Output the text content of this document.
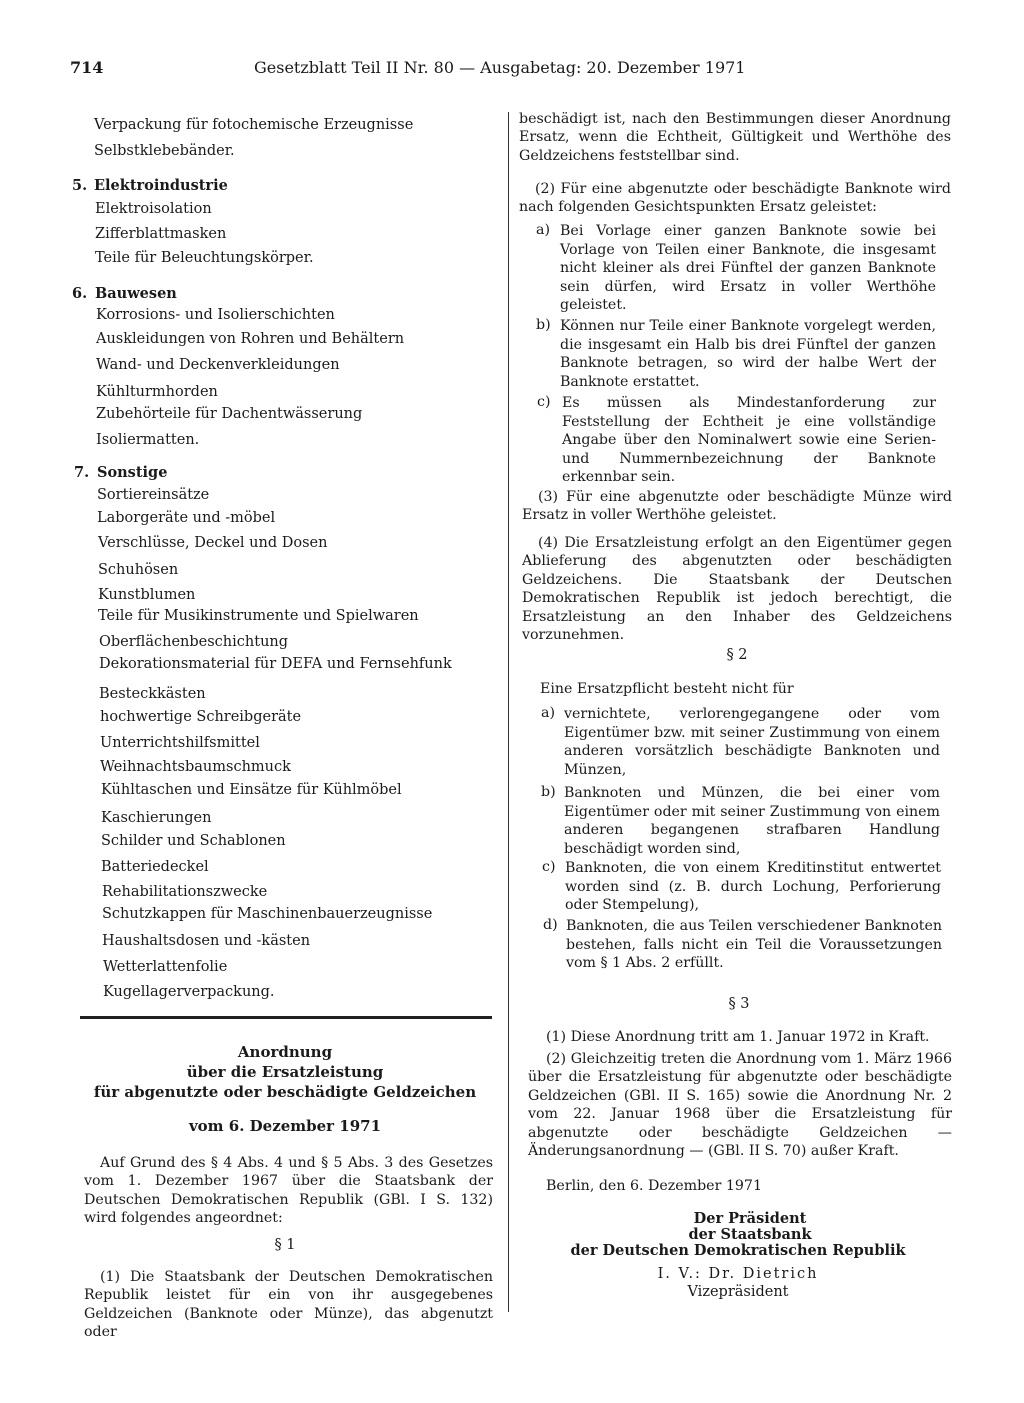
714	Gesetzblatt Teil II Nr. 80 — Ausgabetag: 20. Dezember 1971
Verpackung für fotochemische Erzeugnisse
Selbstklebebänder.
5. Elektroindustrie
Elektroisolation
Zifferblattmasken
Teile für Beleuchtungskörper.
6. Bauwesen
Korrosions- und Isolierschichten
Auskleidungen von Rohren und Behältern
Wand- und Deckenverkleidungen
Kühlturmhorden
Zubehörteile für Dachentwässerung
Isoliermatten.
7. Sonstige
Sortiereinsätze
Laborgeräte und -möbel
Verschlüsse, Deckel und Dosen
Schuhösen
Kunstblumen
Teile für Musikinstrumente und Spielwaren
Oberflächenbeschichtung
Dekorationsmaterial für DEFA und Fernsehfunk
Besteckkästen
hochwertige Schreibgeräte
Unterrichtshilfsmittel
Weihnachtsbaumschmuck
Kühltaschen und Einsätze für Kühlmöbel
Kaschierungen
Schilder und Schablonen
Batteriedeckel
Rehabilitationszwecke
Schutzkappen für Maschinenbauerzeugnisse
Haushaltsdosen und -kästen
Wetterlattenfolie
Kugellagerverpackung.
Anordnung
über die Ersatzleistung
für abgenutzte oder beschädigte Geldzeichen
vom 6. Dezember 1971
Auf Grund des § 4 Abs. 4 und § 5 Abs. 3 des Gesetzes vom 1. Dezember 1967 über die Staatsbank der Deutschen Demokratischen Republik (GBl. I S. 132) wird folgendes angeordnet:
§ 1
(1) Die Staatsbank der Deutschen Demokratischen Republik leistet für ein von ihr ausgegebenes Geldzeichen (Banknote oder Münze), das abgenutzt oder
beschädigt ist, nach den Bestimmungen dieser Anordnung Ersatz, wenn die Echtheit, Gültigkeit und Werthöhe des Geldzeichens feststellbar sind.
(2) Für eine abgenutzte oder beschädigte Banknote wird nach folgenden Gesichtspunkten Ersatz geleistet:
a) Bei Vorlage einer ganzen Banknote sowie bei Vorlage von Teilen einer Banknote, die insgesamt nicht kleiner als drei Fünftel der ganzen Banknote sein dürfen, wird Ersatz in voller Werthöhe geleistet.
b) Können nur Teile einer Banknote vorgelegt werden, die insgesamt ein Halb bis drei Fünftel der ganzen Banknote betragen, so wird der halbe Wert der Banknote erstattet.
c) Es müssen als Mindestanforderung zur Feststellung der Echtheit je eine vollständige Angabe über den Nominalwert sowie eine Serien- und Nummernbezeichnung der Banknote erkennbar sein.
(3) Für eine abgenutzte oder beschädigte Münze wird Ersatz in voller Werthöhe geleistet.
(4) Die Ersatzleistung erfolgt an den Eigentümer gegen Ablieferung des abgenutzten oder beschädigten Geldzeichens. Die Staatsbank der Deutschen Demokratischen Republik ist jedoch berechtigt, die Ersatzleistung an den Inhaber des Geldzeichens vorzunehmen.
§ 2
Eine Ersatzpflicht besteht nicht für
a) vernichtete, verlorengegangene oder vom Eigentümer bzw. mit seiner Zustimmung von einem anderen vorsätzlich beschädigte Banknoten und Münzen,
b) Banknoten und Münzen, die bei einer vom Eigentümer oder mit seiner Zustimmung von einem anderen begangenen strafbaren Handlung beschädigt worden sind,
c) Banknoten, die von einem Kreditinstitut entwertet worden sind (z. B. durch Lochung, Perforierung oder Stempelung),
d) Banknoten, die aus Teilen verschiedener Banknoten bestehen, falls nicht ein Teil die Voraussetzungen vom § 1 Abs. 2 erfüllt.
§ 3
(1) Diese Anordnung tritt am 1. Januar 1972 in Kraft.
(2) Gleichzeitig treten die Anordnung vom 1. März 1966 über die Ersatzleistung für abgenutzte oder beschädigte Geldzeichen (GBl. II S. 165) sowie die Anordnung Nr. 2 vom 22. Januar 1968 über die Ersatzleistung für abgenutzte oder beschädigte Geldzeichen — Änderungsanordnung — (GBl. II S. 70) außer Kraft.
Berlin, den 6. Dezember 1971
Der Präsident
der Staatsbank
der Deutschen Demokratischen Republik
I. V.: Dr. Dietrich
Vizepräsident
